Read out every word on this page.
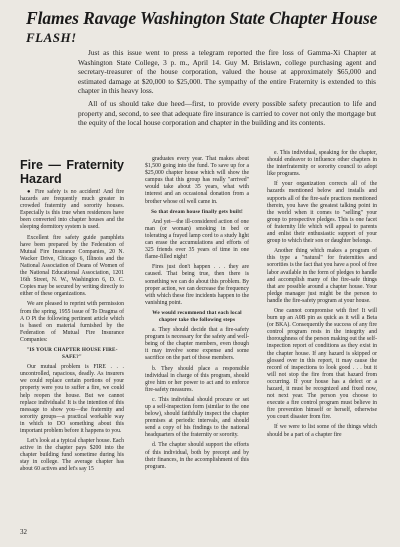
Flames Ravage Washington State Chapter House
FLASH!

Just as this issue went to press a telegram reported the fire loss of Gamma-Xi Chapter at Washington State College, 3 p. m., April 14. Guy M. Brislawn, college purchasing agent and secretary-treasurer of the house corporation, valued the house at approximately $65,000 and estimated damage at $20,000 to $25,000. The sympathy of the entire Fraternity is extended to this chapter in this heavy loss.

All of us should take due heed—first, to provide every possible safety precaution to life and property and, second, to see that adequate fire insurance is carried to cover not only the mortgage but the equity of the local house corporation and chapter in the building and its contents.

Fire — Fraternity Hazard

● Fire safety is no accident! And fire hazards are frequently much greater in crowded fraternity and sorority houses. Especially is this true when residences have been converted into chapter houses and the sleeping dormitory system is used.

Excellent fire safety guide pamphlets have been prepared by the Federation of Mutual Fire Insurance Companies, 20 N. Wacker Drive, Chicago 6, Illinois and the National Association of Deans of Women of the National Educational Association, 1201 16th Street, N. W., Washington 6, D. C. Copies may be secured by writing directly to either of these organizations.

We are pleased to reprint with permission from the spring, 1955 issue of To Dragma of A O Pi the following pertinent article which is based on material furnished by the Federation of Mutual Fire Insurance Companies:

"IS YOUR CHAPTER HOUSE FIRE-SAFE?"

Our mutual problem is FIRE . . . uncontrolled, rapacious, deadly. As insurers we could replace certain portions of your property were you to suffer a fire, we could help reopen the house. But we cannot replace individuals! It is the intention of this message to show you—the fraternity and sorority groups—a practical workable way in which to DO something about this important problem before it happens to you.

Let's look at a typical chapter house. Each active in the chapter pays $200 into the chapter building fund sometime during his stay in college. The average chapter has about 60 actives and let's say 15

graduates every year. That makes about $1,500 going into the fund. To save up for a $25,000 chapter house which will show the campus that this group has really "arrived" would take about 35 years, what with interest and an occasional donation from a brother whose oil well came in.

So that dream house finally gets built!

And yet—the ill-considered action of one man (or woman) smoking in bed or tolerating a frayed lamp cord to a study light can erase the accumulations and efforts of 325 friends over 35 years of time in one flame-filled night!

Fires just don't happen . . . they are caused. That being true, then there is something we can do about this problem. By proper action, we can decrease the frequency with which these fire incidents happen to the vanishing point.

We would recommend that each local chapter take the following steps

a. They should decide that a fire-safety program is necessary for the safety and well-being of the chapter members, even though it may involve some expense and some sacrifice on the part of those members.

b. They should place a responsible individual in charge of this program, should give him or her power to act and to enforce fire-safety measures.

c. This individual should procure or set up a self-inspection form (similar to the one below), should faithfully inspect the chapter premises at periodic intervals, and should send a copy of his findings to the national headquarters of the fraternity or sorority.

d. The chapter should support the efforts of this individual, both by precept and by their finances, in the accomplishment of this program.

e. This individual, speaking for the chapter, should endeavor to influence other chapters in the interfraternity or sorority council to adopt like programs.

If your organization corrects all of the hazards mentioned below and installs and supports all of the fire-safe practices mentioned therein, you have the greatest talking point in the world when it comes to "selling" your group to prospective pledges. This is one facet of fraternity life which will appeal to parents and enlist their enthusiastic support of your group to which their son or daughter belongs.

Another thing which makes a program of this type a "natural" for fraternities and sororities is the fact that you have a pool of free labor available in the form of pledges to handle and accomplish many of the fire-safe things that are possible around a chapter house. Your pledge manager just might be the person to handle the fire-safety program at your house.

One cannot compromise with fire! It will burn up an A0B pin as quick as it will a Beta (or BKA). Consequently the success of any fire control program rests in the integrity and thoroughness of the person making out the self-inspection report of conditions as they exist in the chapter house. If any hazard is skipped or glossed over in this report, it may cause the record of inspections to look good . . . but it will not stop the fire from that hazard from occurring. If your house has a defect or a hazard, it must be recognized and fixed now, not next year. The person you choose to execute a fire control program must believe in fire prevention himself or herself, otherwise you court disaster from fire.

If we were to list some of the things which should be a part of a chapter fire

32
